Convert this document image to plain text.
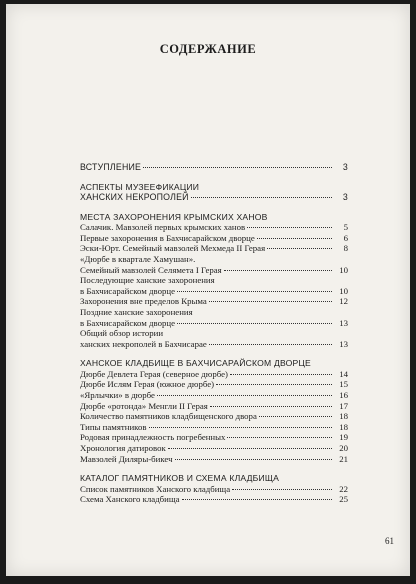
СОДЕРЖАНИЕ
ВСТУПЛЕНИЕ	3
АСПЕКТЫ МУЗЕЕФИКАЦИИ
ХАНСКИХ НЕКРОПОЛЕЙ	3
МЕСТА ЗАХОРОНЕНИЯ КРЫМСКИХ ХАНОВ
Салачик. Мавзолей первых крымских ханов	5
Первые захоронения в Бахчисарайском дворце	6
Эски-Юрт. Семейный мавзолей Мехмеда II Герая	8
«Дюрбе в квартале Хамушан».
Семейный мавзолей Селямета I Герая	10
Последующие ханские захоронения
в Бахчисарайском дворце	10
Захоронения вне пределов Крыма	12
Поздние ханские захоронения
в Бахчисарайском дворце	13
Общий обзор истории
ханских некрополей в Бахчисарае	13
ХАНСКОЕ КЛАДБИЩЕ В БАХЧИСАРАЙСКОМ ДВОРЦЕ
Дюрбе Девлета Герая (северное дюрбе)	14
Дюрбе Ислям Герая (южное дюрбе)	15
«Ярлычки» в дюрбе	16
Дюрбе «ротонда» Менгли II Герая	17
Количество памятников кладбищенского двора	18
Типы памятников	18
Родовая принадлежность погребенных	19
Хронология датировок	20
Мавзолей Диляры-бикеч	21
КАТАЛОГ ПАМЯТНИКОВ И СХЕМА КЛАДБИЩА
Список памятников Ханского кладбища	22
Схема Ханского кладбища	25
61
